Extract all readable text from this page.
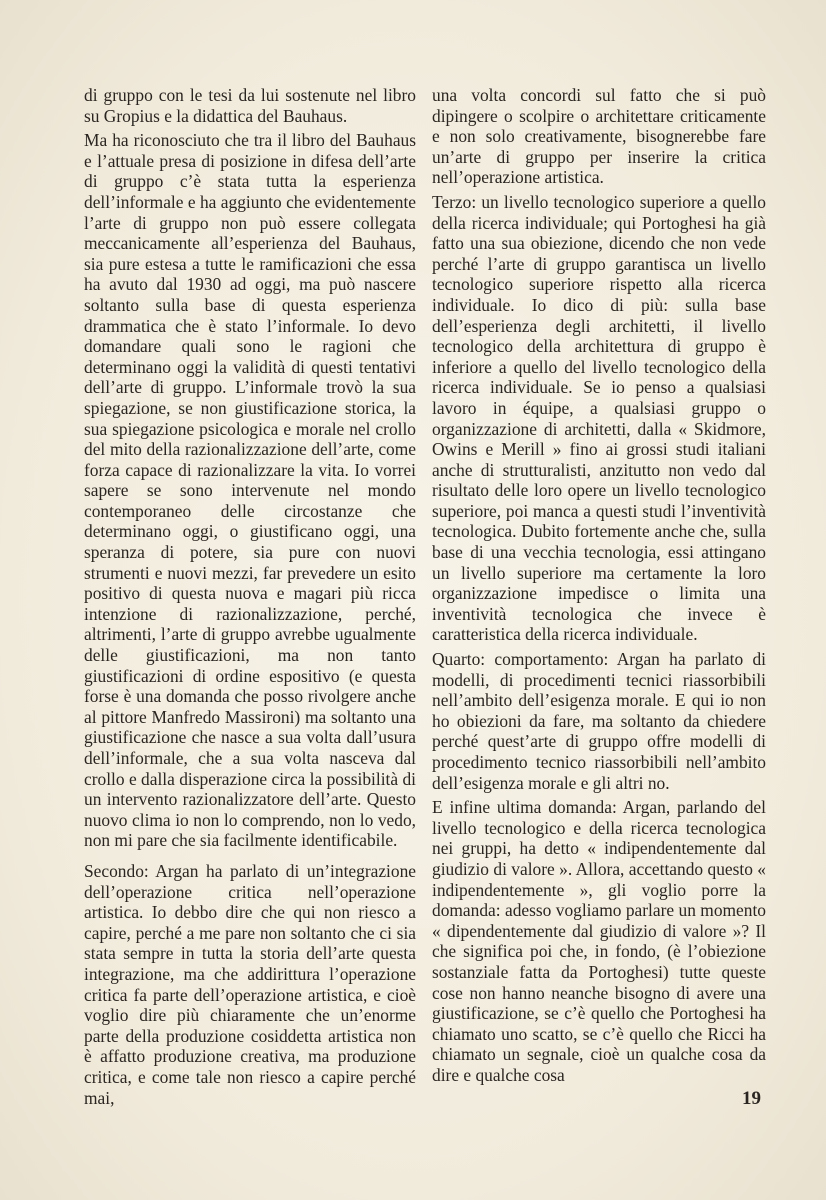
di gruppo con le tesi da lui sostenute nel libro su Gropius e la didattica del Bauhaus.

Ma ha riconosciuto che tra il libro del Bauhaus e l’attuale presa di posizione in difesa dell’arte di gruppo c’è stata tutta la esperienza dell’informale e ha aggiunto che evidentemente l’arte di gruppo non può essere collegata meccanicamente all’esperienza del Bauhaus, sia pure estesa a tutte le ramificazioni che essa ha avuto dal 1930 ad oggi, ma può nascere soltanto sulla base di questa esperienza drammatica che è stato l’informale. Io devo domandare quali sono le ragioni che determinano oggi la validità di questi tentativi dell’arte di gruppo. L’informale trovò la sua spiegazione, se non giustificazione storica, la sua spiegazione psicologica e morale nel crollo del mito della razionalizzazione dell’arte, come forza capace di razionalizzare la vita. Io vorrei sapere se sono intervenute nel mondo contemporaneo delle circostanze che determinano oggi, o giustificano oggi, una speranza di potere, sia pure con nuovi strumenti e nuovi mezzi, far prevedere un esito positivo di questa nuova e magari più ricca intenzione di razionalizzazione, perché, altrimenti, l’arte di gruppo avrebbe ugualmente delle giustificazioni, ma non tanto giustificazioni di ordine espositivo (e questa forse è una domanda che posso rivolgere anche al pittore Manfredo Massironi) ma soltanto una giustificazione che nasce a sua volta dall’usura dell’informale, che a sua volta nasceva dal crollo e dalla disperazione circa la possibilità di un intervento razionalizzatore dell’arte. Questo nuovo clima io non lo comprendo, non lo vedo, non mi pare che sia facilmente identificabile.

Secondo: Argan ha parlato di un’integrazione dell’operazione critica nell’operazione artistica. Io debbo dire che qui non riesco a capire, perché a me pare non soltanto che ci sia stata sempre in tutta la storia dell’arte questa integrazione, ma che addirittura l’operazione critica fa parte dell’operazione artistica, e cioè voglio dire più chiaramente che un’enorme parte della produzione cosiddetta artistica non è affatto produzione creativa, ma produzione critica, e come tale non riesco a capire perché mai,

una volta concordi sul fatto che si può dipingere o scolpire o architettare criticamente e non solo creativamente, bisognerebbe fare un’arte di gruppo per inserire la critica nell’operazione artistica.

Terzo: un livello tecnologico superiore a quello della ricerca individuale; qui Portoghesi ha già fatto una sua obiezione, dicendo che non vede perché l’arte di gruppo garantisca un livello tecnologico superiore rispetto alla ricerca individuale. Io dico di più: sulla base dell’esperienza degli architetti, il livello tecnologico della architettura di gruppo è inferiore a quello del livello tecnologico della ricerca individuale. Se io penso a qualsiasi lavoro in équipe, a qualsiasi gruppo o organizzazione di architetti, dalla « Skidmore, Owins e Merill » fino ai grossi studi italiani anche di strutturalisti, anzitutto non vedo dal risultato delle loro opere un livello tecnologico superiore, poi manca a questi studi l’inventività tecnologica. Dubito fortemente anche che, sulla base di una vecchia tecnologia, essi attingano un livello superiore ma certamente la loro organizzazione impedisce o limita una inventività tecnologica che invece è caratteristica della ricerca individuale.

Quarto: comportamento: Argan ha parlato di modelli, di procedimenti tecnici riassorbibili nell’ambito dell’esigenza morale. E qui io non ho obiezioni da fare, ma soltanto da chiedere perché quest’arte di gruppo offre modelli di procedimento tecnico riassorbibili nell’ambito dell’esigenza morale e gli altri no.

E infine ultima domanda: Argan, parlando del livello tecnologico e della ricerca tecnologica nei gruppi, ha detto « indipendentemente dal giudizio di valore ». Allora, accettando questo « indipendentemente », gli voglio porre la domanda: adesso vogliamo parlare un momento « dipendentemente dal giudizio di valore »? Il che significa poi che, in fondo, (è l’obiezione sostanziale fatta da Portoghesi) tutte queste cose non hanno neanche bisogno di avere una giustificazione, se c’è quello che Portoghesi ha chiamato uno scatto, se c’è quello che Ricci ha chiamato un segnale, cioè un qualche cosa da dire e qualche cosa

19
